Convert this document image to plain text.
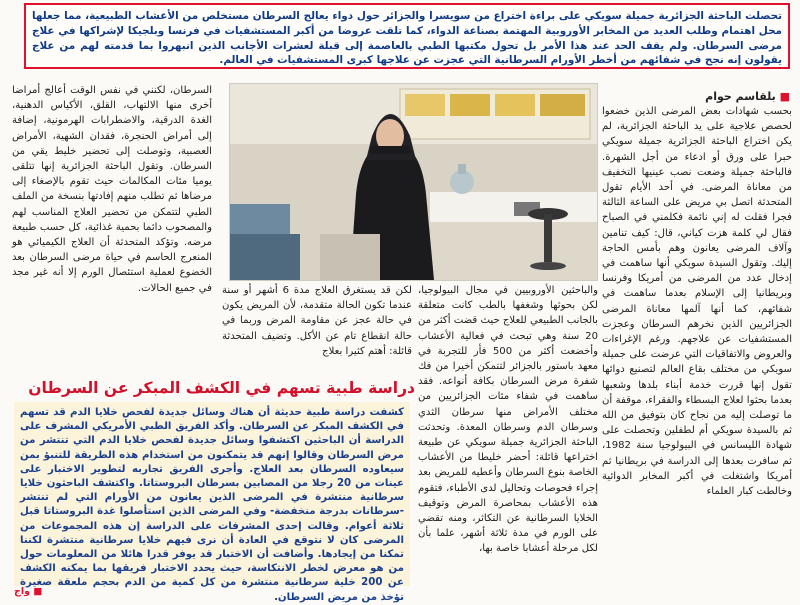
تحصلت الباحثة الجزائرية جميلة سويكي على براءة اختراع من سويسرا والجزائر حول دواء يعالج السرطان مستخلص من الأعشاب الطبيعية، مما جعلها محل اهتمام وطلب العديد من المخابر الأوروبية المهتمة بصناعة الدواء، كما تلقت عروضا من أكبر المستشفيات في فرنسا وبلجيكا لإشراكها في علاج مرضى السرطان. ولم يقف الحد عند هذا الأمر بل تحول مكتبها الطبي بالعاصمة إلى قبلة لعشرات الأجانب الذين انبهروا بما قدمته لهم من علاج يقولون إنه نجح في شفائهم من أخطر الأورام السرطانية التي عجزت عن علاجها كبرى المستشفيات في العالم.
■ بلقاسم حوام

بحسب شهادات بعض المرضى الذين خضعوا لحصص علاجية على يد الباحثة الجزائرية، لم يكن اختراع الباحثة الجزائرية جميلة سويكي حبرا على ورق أو ادعاء من أجل الشهرة. فالباحثة جميلة وضعت نصب عينيها التخفيف من معاناة المرضى. في أحد الأيام تقول المتحدثة اتصل بي مريض على الساعة الثالثة فجرا فقلت له إني نائمة فكلمني في الصباح فقال لي كلمة هزت كياني، قال: كيف تنامين وآلاف المرضى يعانون وهم بأمس الحاجة إليك. وتقول السيدة سويكي أنها ساهمت في إدخال عدد من المرضى من أمريكا وفرنسا وبريطانيا إلى الإسلام بعدما ساهمت في شفائهم، كما أنها آلمها معاناة المرضى الجزائريين الذين نخرهم السرطان وعجزت المستشفيات عن علاجهم. ورغم الإغراءات والعروض والاتفاقيات التي عرضت على جميلة سويكي من مختلف بقاع العالم لتصنيع دوائها تقول إنها قررت خدمة أبناء بلدها وشعبها بعدما بحثوا لعلاج البسطاء والفقراء، موقفة أن ما توصلت إليه من نجاح كان بتوفيق من الله ثم بالسيدة سويكي أم لطفلين وتحصلت على شهادة الليسانس في البيولوجيا سنة 1982، ثم سافرت بعدها إلى الدراسة في بريطانيا ثم أمريكا واشتغلت في أكبر المخابر الدوائية وخالطت كبار العلماء

والباحثين الأوروبيين في مجال البيولوجيا، لكن بحوثها وشغفها بالطب كانت متعلقة بالجانب الطبيعي للعلاج حيث قضت أكثر من 20 سنة وهي تبحث في فعالية الأعشاب وأخضعت أكثر من 500 فأر للتجربة في معهد باستور بالجزائر لتتمكن أخيرا من فك شفرة مرض السرطان بكافة أنواعه. فقد ساهمت في شفاء مئات الجزائريين من مختلف الأمراض منها سرطان الثدي وسرطان الدم وسرطان المعدة. وتحدثت الباحثة الجزائرية جميلة سويكي عن طبيعة اختراعها قائلة: أحضر خليطا من الأعشاب الخاصة بنوع السرطان وأعطيه للمريض بعد إجراء فحوصات وتحاليل لدى الأطباء، فتقوم هذه الأعشاب بمحاصرة المرض وتوقيف الخلايا السرطانية عن التكاثر، ومنه تقضي على الورم في مدة ثلاثة أشهر، علما بأن لكل مرحلة أعشابا خاصة بها،

لكن قد يستغرق العلاج مدة 6 أشهر أو سنة عندما تكون الحالة متقدمة، لأن المريض يكون في حالة عجز عن مقاومة المرض وربما في حالة انقطاع تام عن الأكل. وتضيف المتحدثة قائلة: أهتم كثيرا بعلاج

السرطان، لكنني في نفس الوقت أعالج أمراضا أخرى منها الالتهاب، القلق، الأكياس الدهنية، الغدة الدرقية، والاضطرابات الهرمونية، إضافة إلى أمراض الحنجرة، فقدان الشهية، الأمراض العصبية، وتوصلت إلى تحضير خليط يقي من السرطان. وتقول الباحثة الجزائرية إنها تتلقى يوميا مئات المكالمات حيث تقوم بالإصغاء إلى مرضاها ثم تطلب منهم إفادتها بنسخة من الملف الطبي لتتمكن من تحضير العلاج المناسب لهم والمصحوب دائما بحمية غذائية، كل حسب طبيعة مرضه. وتؤكد المتحدثة أن العلاج الكيميائي هو المنعرج الحاسم في حياة مرضى السرطان بعد الخضوع لعملية استئصال الورم إلا أنه غير مجد في جميع الحالات.

دراسة طبية تسهم في الكشف المبكر عن السرطان
كشفت دراسة طبية حديثة أن هناك وسائل جديدة لفحص خلايا الدم قد تسهم في الكشف المبكر عن السرطان. وأكد الفريق الطبي الأمريكي المشرف على الدراسة أن الباحثين اكتشفوا وسائل جديدة لفحص خلايا الدم التي تنتشر من مرض السرطان وقالوا إنهم قد يتمكنون من استخدام هذه الطريقة للتنبؤ بمن سيعاوده السرطان بعد العلاج. وأجرى الفريق تجاربه لتطوير الاختبار على عينات من 20 رجلا من المصابين بسرطان البروستاتا. واكتشف الباحثون خلايا سرطانية منتشرة في المرضى الذين يعانون من الأورام التي لم تنتشر -سرطانات بدرجة منخفضة- وفي المرضى الذين استأصلوا غدة البروستاتا قبل ثلاثة أعوام. وقالت إحدى المشرفات على الدراسة إن هذه المجموعات من المرضى كان لا نتوقع في العادة أن نرى فيهم خلايا سرطانية منتشرة لكننا تمكنا من إيجادها. وأضافت أن الاختبار قد يوفر قدرا هائلا من المعلومات حول من هو معرض لخطر الانتكاسة، حيث يحدد الاختبار فريقها بما يمكنه الكشف عن 200 خلية سرطانية منتشرة من كل كمية من الدم بحجم ملعقة صغيرة تؤخذ من مريض السرطان.
■ واج
